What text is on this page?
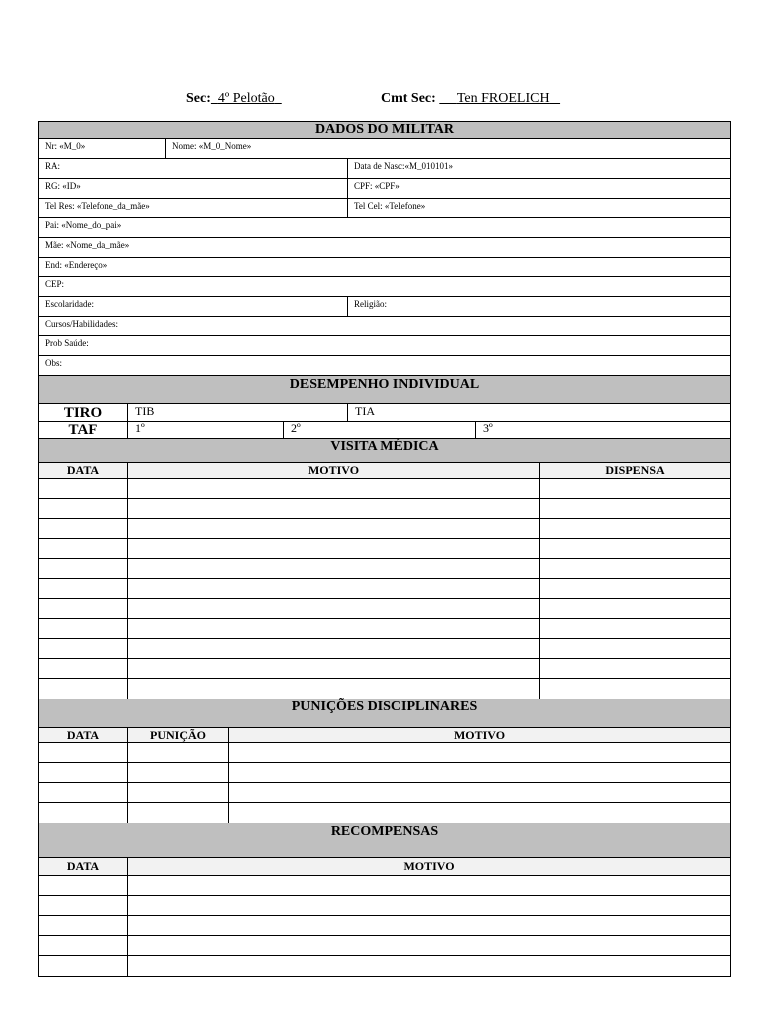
Sec: 4º Pelotão	Cmt Sec: Ten FROELICH
DADOS DO MILITAR
Nr: «M_0»	Nome: «M_0_Nome»
RA:	Data de Nasc:«M_010101»
RG: «ID»	CPF: «CPF»
Tel Res: «Telefone_da_mãe»	Tel Cel: «Telefone»
Pai: «Nome_do_pai»
Mãe: «Nome_da_mãe»
End: «Endereço»
CEP:
Escolaridade:	Religião:
Cursos/Habilidades:
Prob Saúde:
Obs:
DESEMPENHO INDIVIDUAL
TIRO	TIB	TIA
TAF	1º	2º	3º
VISITA MÉDICA
DATA	MOTIVO	DISPENSA
PUNIÇÕES DISCIPLINARES
DATA	PUNIÇÃO	MOTIVO
RECOMPENSAS
DATA	MOTIVO
